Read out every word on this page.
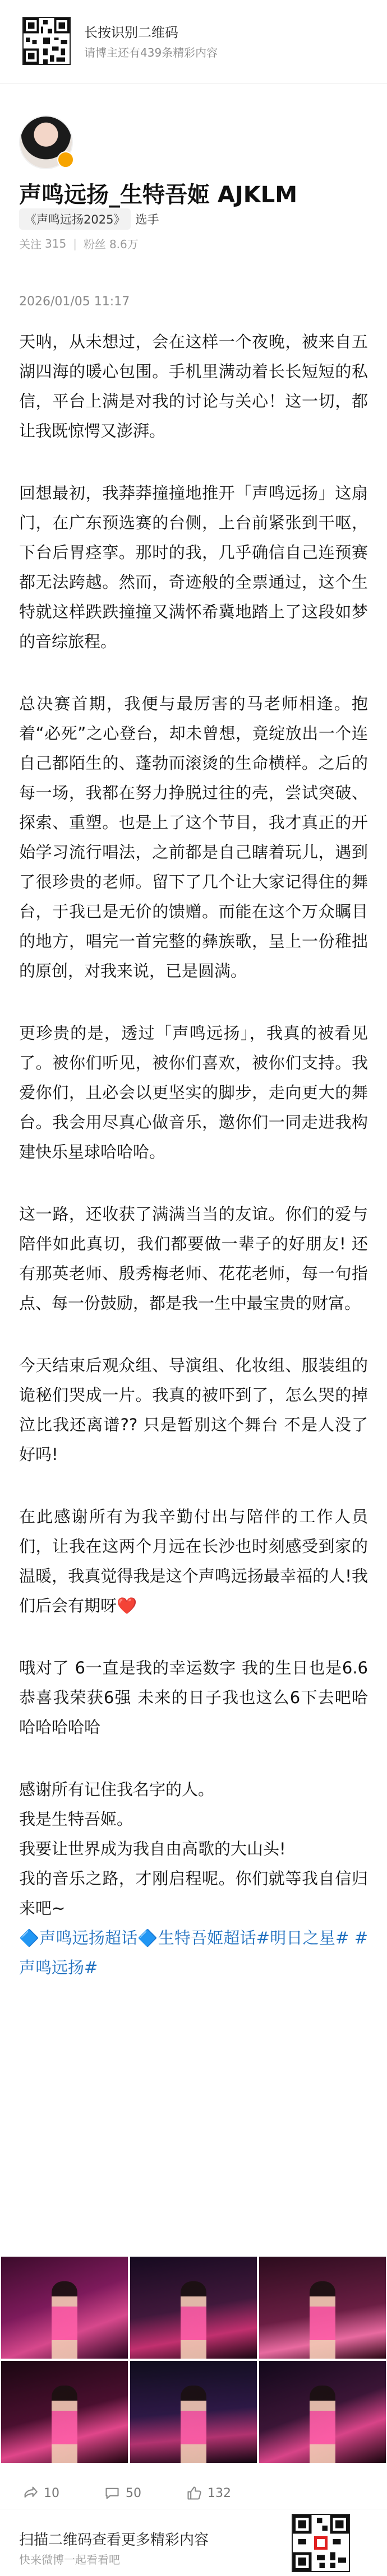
长按识别二维码
请博主还有439条精彩内容
声鸣远扬_生特吾姬 AJKLM
《声鸣远扬2025》 选手
关注 315 | 粉丝 8.6万
2026/01/05 11:17

天呐，从未想过，会在这样一个夜晚，被来自五湖四海的暖心包围。手机里满动着长长短短的私信，平台上满是对我的讨论与关心！这一切，都让我既惊愕又澎湃。

回想最初，我莽莽撞撞地推开「声鸣远扬」这扇门，在广东预选赛的台侧，上台前紧张到干呕，下台后胃痉挛。那时的我，几乎确信自己连预赛都无法跨越。然而，奇迹般的全票通过，这个生特就这样跌跌撞撞又满怀希冀地踏上了这段如梦的音综旅程。

总决赛首期，我便与最厉害的马老师相逢。抱着“必死”之心登台，却未曾想，竟绽放出一个连自己都陌生的、蓬勃而滚烫的生命横样。之后的每一场，我都在努力挣脱过往的壳，尝试突破、探索、重塑。也是上了这个节目，我才真正的开始学习流行唱法，之前都是自己瞎着玩儿，遇到了很珍贵的老师。留下了几个让大家记得住的舞台，于我已是无价的馈赠。而能在这个万众瞩目的地方，唱完一首完整的彝族歌，呈上一份稚拙的原创，对我来说，已是圆满。

更珍贵的是，透过「声鸣远扬」，我真的被看见了。被你们听见，被你们喜欢，被你们支持。我爱你们，且必会以更坚实的脚步，走向更大的舞台。我会用尽真心做音乐，邀你们一同走进我构建快乐星球哈哈哈。

这一路，还收获了满满当当的友谊。你们的爱与陪伴如此真切，我们都要做一辈子的好朋友! 还有那英老师、殷秀梅老师、花花老师，每一句指点、每一份鼓励，都是我一生中最宝贵的财富。

今天结束后观众组、导演组、化妆组、服装组的诡秘们哭成一片。我真的被吓到了，怎么哭的掉泣比我还离谱?? 只是暂别这个舞台 不是人没了好吗!

在此感谢所有为我辛勤付出与陪伴的工作人员们，让我在这两个月远在长沙也时刻感受到家的温暖，我真觉得我是这个声鸣远扬最幸福的人!我们后会有期呀❤️

哦对了 6一直是我的幸运数字 我的生日也是6.6 恭喜我荣获6强 未来的日子我也这么6下去吧哈哈哈哈哈哈

感谢所有记住我名字的人。

我是生特吾姬。

我要让世界成为我自由高歌的大山头!

我的音乐之路，才刚启程呢。你们就等我自信归来吧~

🔷声鸣远扬超话🔷生特吾姬超话#明日之星# #声鸣远扬#

10	50	132
扫描二维码查看更多精彩内容
快来微博一起看看吧
